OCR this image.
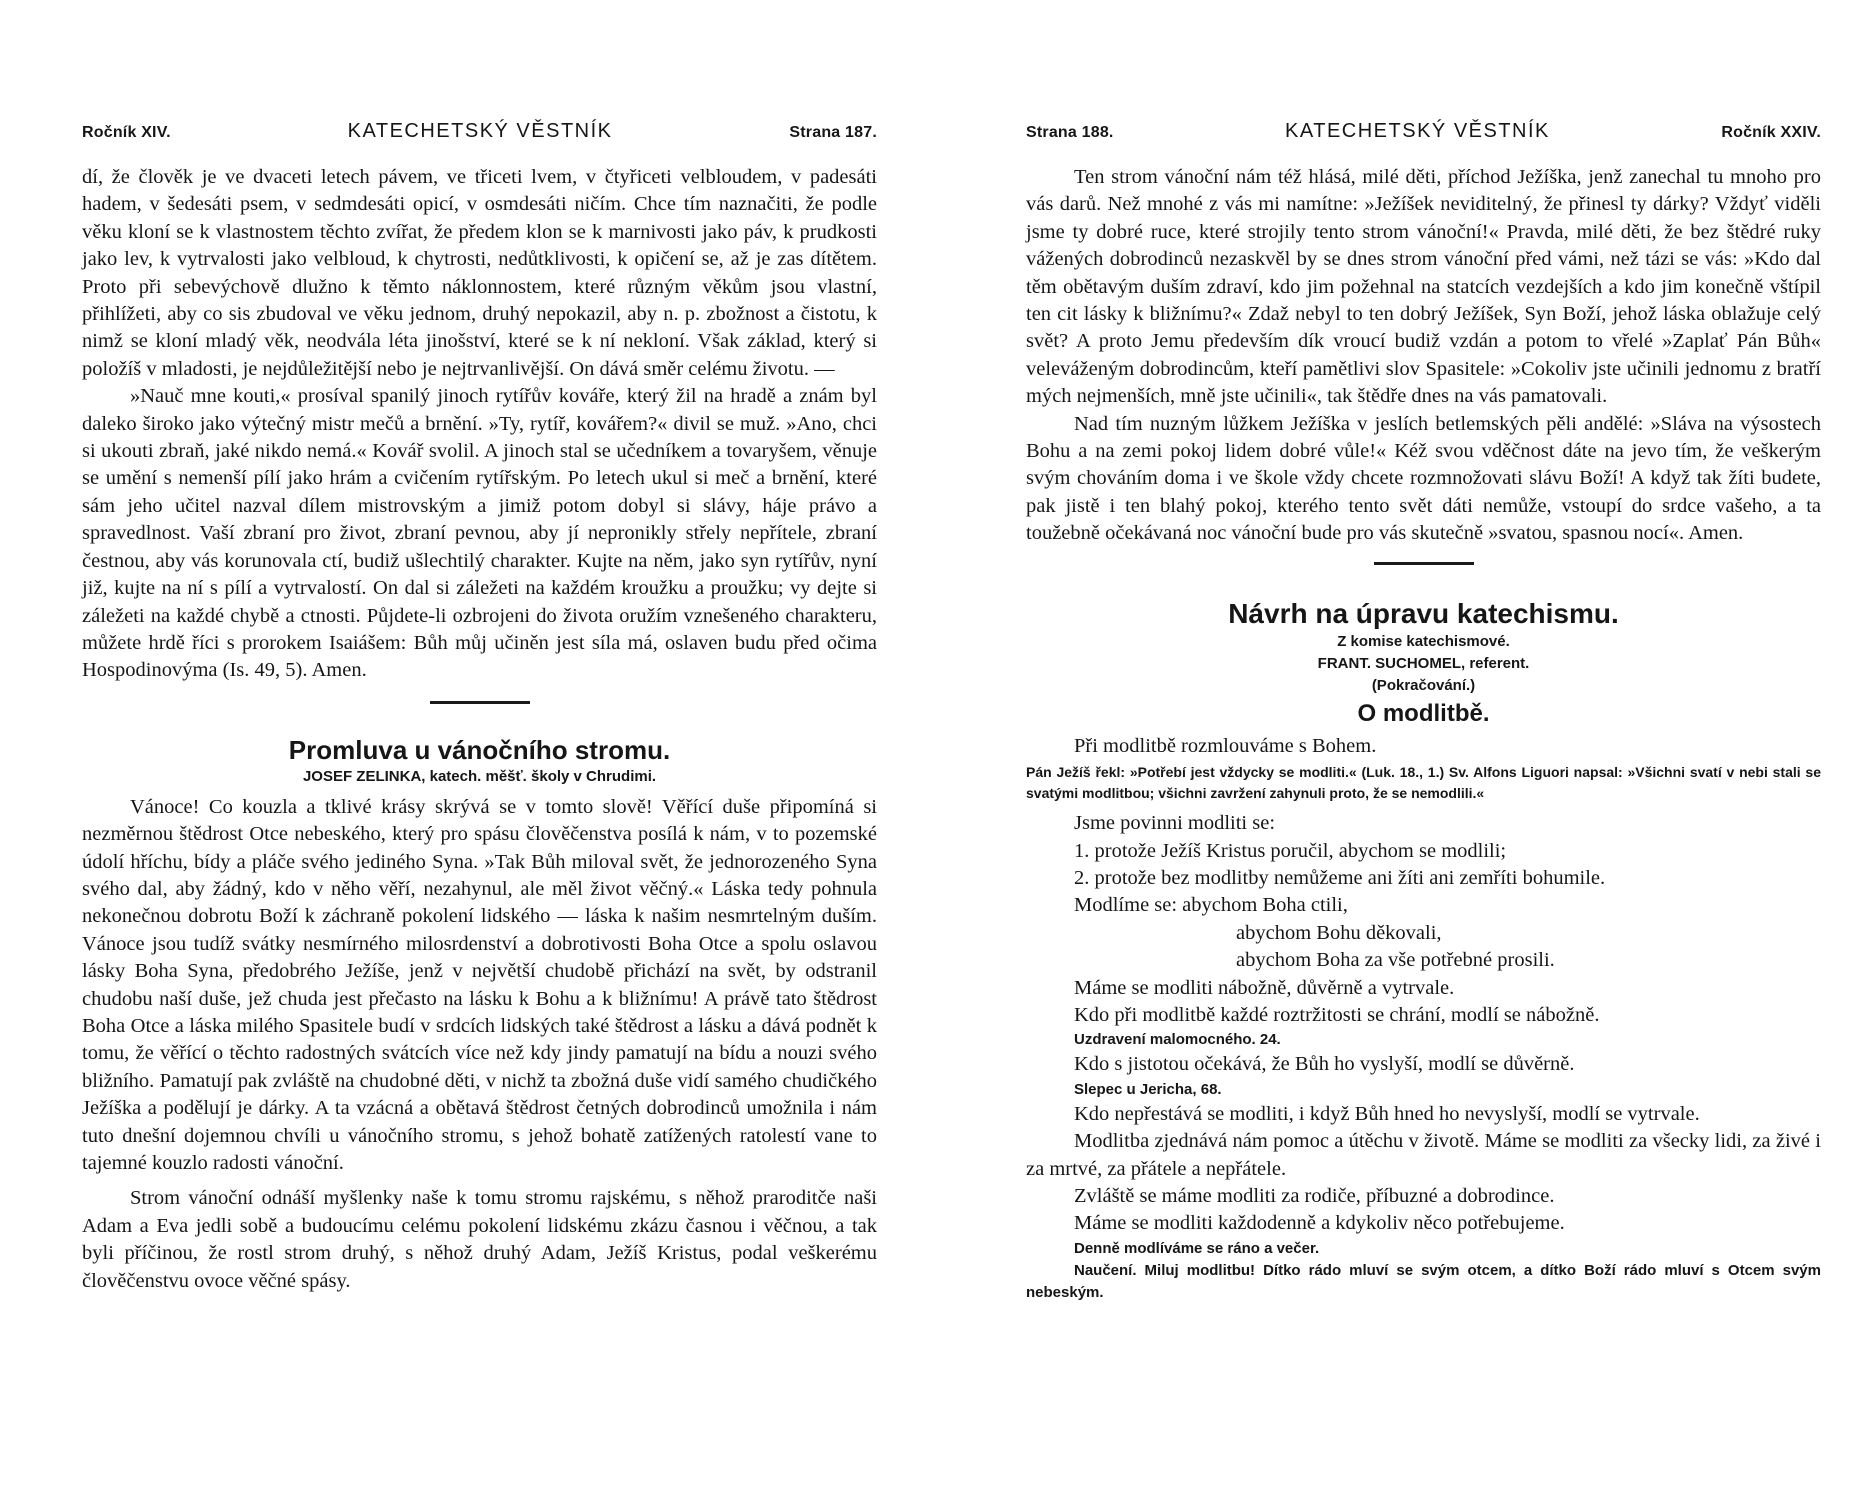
Ročník XIV.	KATECHETSKÝ VĚSTNÍK	Strana 187.

dí, že člověk je ve dvaceti letech pávem, ve třiceti lvem, v čtyřiceti velbloudem, v padesáti hadem, v šedesáti psem, v sedmdesáti opicí, v osmdesáti ničím. Chce tím naznačiti, že podle věku kloní se k vlastnostem těchto zvířat, že předem klon se k marnivosti jako páv, k prudkosti jako lev, k vytrvalosti jako velbloud, k chytrosti, nedůtklivosti, k opičení se, až je zas dítětem. Proto při sebevýchově dlužno k těmto náklonnostem, které různým věkům jsou vlastní, přihlížeti, aby co sis zbudoval ve věku jednom, druhý nepokazil, aby n. p. zbožnost a čistotu, k nimž se kloní mladý věk, neodvála léta jinošství, které se k ní nekloní. Však základ, který si položíš v mladosti, je nejdůležitější nebo je nejtrvanlivější. On dává směr celému životu. —

»Nauč mne kouti,« prosíval spanilý jinoch rytířův kováře, který žil na hradě a znám byl daleko široko jako výtečný mistr mečů a brnění. »Ty, rytíř, kovářem?« divil se muž. »Ano, chci si ukouti zbraň, jaké nikdo nemá.« Kovář svolil. A jinoch stal se učedníkem a tovaryšem, věnuje se umění s nemenší pílí jako hrám a cvičením rytířským. Po letech ukul si meč a brnění, které sám jeho učitel nazval dílem mistrovským a jimiž potom dobyl si slávy, háje právo a spravedlnost. Vaší zbraní pro život, zbraní pevnou, aby jí nepronikly střely nepřítele, zbraní čestnou, aby vás korunovala ctí, budiž ušlechtilý charakter. Kujte na něm, jako syn rytířův, nyní již, kujte na ní s pílí a vytrvalostí. On dal si záležeti na každém kroužku a proužku; vy dejte si záležeti na každé chybě a ctnosti. Půjdete-li ozbrojeni do života oružím vznešeného charakteru, můžete hrdě říci s prorokem Isaiášem: Bůh můj učiněn jest síla má, oslaven budu před očima Hospodinovýma (Is. 49, 5). Amen.

Promluva u vánočního stromu.
JOSEF ZELINKA, katech. měšť. školy v Chrudimi.

Vánoce! Co kouzla a tklivé krásy skrývá se v tomto slově! Věřící duše připomíná si nezměrnou štědrost Otce nebeského, který pro spásu člověčenstva posílá k nám, v to pozemské údolí hříchu, bídy a pláče svého jediného Syna. »Tak Bůh miloval svět, že jednorozeného Syna svého dal, aby žádný, kdo v něho věří, nezahynul, ale měl život věčný.« Láska tedy pohnula nekonečnou dobrotu Boží k záchraně pokolení lidského — láska k našim nesmrtelným duším. Vánoce jsou tudíž svátky nesmírného milosrdenství a dobrotivosti Boha Otce a spolu oslavou lásky Boha Syna, předobrého Ježíše, jenž v největší chudobě přichází na svět, by odstranil chudobu naší duše, jež chuda jest přečasto na lásku k Bohu a k bližnímu! A právě tato štědrost Boha Otce a láska milého Spasitele budí v srdcích lidských také štědrost a lásku a dává podnět k tomu, že věřící o těchto radostných svátcích více než kdy jindy pamatují na bídu a nouzi svého bližního. Pamatují pak zvláště na chudobné děti, v nichž ta zbožná duše vidí samého chudičkého Ježíška a podělují je dárky. A ta vzácná a obětavá štědrost četných dobrodinců umožnila i nám tuto dnešní dojemnou chvíli u vánočního stromu, s jehož bohatě zatížených ratolestí vane to tajemné kouzlo radosti vánoční.

Strom vánoční odnáší myšlenky naše k tomu stromu rajskému, s něhož praroditče naši Adam a Eva jedli sobě a budoucímu celému pokolení lidskému zkázu časnou i věčnou, a tak byli příčinou, že rostl strom druhý, s něhož druhý Adam, Ježíš Kristus, podal veškerému člověčenstvu ovoce věčné spásy.

Strana 188.	KATECHETSKÝ VĚSTNÍK	Ročník XXIV.

Ten strom vánoční nám též hlásá, milé děti, příchod Ježíška, jenž zanechal tu mnoho pro vás darů. Než mnohé z vás mi namítne: »Ježíšek neviditelný, že přinesl ty dárky? Vždyť viděli jsme ty dobré ruce, které strojily tento strom vánoční!« Pravda, milé děti, že bez štědré ruky vážených dobrodinců nezaskvěl by se dnes strom vánoční před vámi, než tázi se vás: »Kdo dal těm obětavým duším zdraví, kdo jim požehnal na statcích vezdejších a kdo jim konečně vštípil ten cit lásky k bližnímu?« Zdaž nebyl to ten dobrý Ježíšek, Syn Boží, jehož láska oblažuje celý svět? A proto Jemu především dík vroucí budiž vzdán a potom to vřelé »Zaplať Pán Bůh« velevážеným dobrodincům, kteří pamětlivi slov Spasitele: »Cokoliv jste učinili jednomu z bratří mých nejmenších, mně jste učinili«, tak štědře dnes na vás pamatovali.

Nad tím nuzným lůžkem Ježíška v jeslích betlemských pěli andělé: »Sláva na výsostech Bohu a na zemi pokoj lidem dobré vůle!« Kéž svou vděčnost dáte na jevo tím, že veškerým svým chováním doma i ve škole vždy chcete rozmnožovati slávu Boží! A když tak žíti budete, pak jistě i ten blahý pokoj, kterého tento svět dáti nemůže, vstoupí do srdce vašeho, a ta toužebně očekávaná noc vánoční bude pro vás skutečně »svatou, spasnou nocí«. Amen.

Návrh na úpravu katechismu.
Z komise katechismové.
FRANT. SUCHOMEL, referent.
(Pokračování.)
O modlitbě.

Při modlitbě rozmlouváme s Bohem.

Pán Ježíš řekl: »Potřebí jest vždycky se modliti.« (Luk. 18., 1.) Sv. Alfons Liguori napsal: »Všichni svatí v nebi stali se svatými modlitbou; všichni zavržení zahynuli proto, že se nemodlili.«

Jsme povinni modliti se:

1. protože Ježíš Kristus poručil, abychom se modlili;

2. protože bez modlitby nemůžeme ani žíti ani zemříti bohumile.

Modlíme se: abychom Boha ctili,

abychom Bohu děkovali,

abychom Boha za vše potřebné prosili.

Máme se modliti nábožně, důvěrně a vytrvale.

Kdo při modlitbě každé roztržitosti se chrání, modlí se nábožně.

Uzdravení malomocného. 24.

Kdo s jistotou očekává, že Bůh ho vyslyší, modlí se důvěrně.

Slepec u Jericha, 68.

Kdo nepřestává se modliti, i když Bůh hned ho nevyslyší, modlí se vytrvale.

Modlitba zjednává nám pomoc a útěchu v životě. Máme se modliti za všecky lidi, za živé i za mrtvé, za přátele a nepřátele.

Zvláště se máme modliti za rodiče, příbuzné a dobrodince.

Máme se modliti každodenně a kdykoliv něco potřebujeme.

Denně modlíváme se ráno a večer.

Naučení. Miluj modlitbu! Dítko rádo mluví se svým otcem, a dítko Boží rádo mluví s Otcem svým nebeským.
